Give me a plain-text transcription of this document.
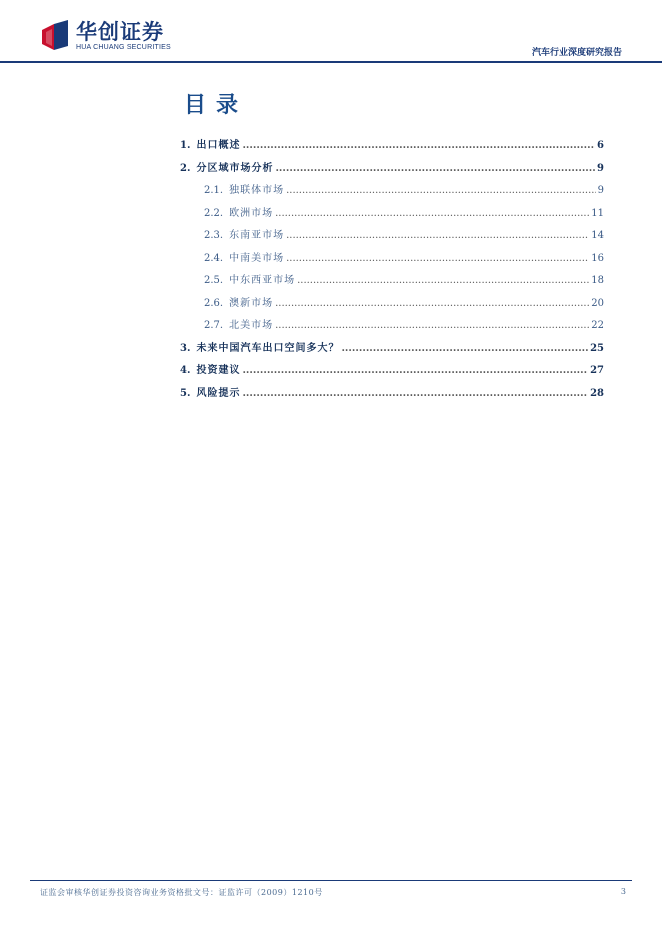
华创证券
HUA CHUANG SECURITIES
汽车行业深度研究报告
目录
1. 出口概述 .....	6
2. 分区域市场分析 .....	9
2.1. 独联体市场 .....	9
2.2. 欧洲市场 .....	11
2.3. 东南亚市场 .....	14
2.4. 中南美市场 .....	16
2.5. 中东西亚市场 .....	18
2.6. 澳新市场 .....	20
2.7. 北美市场 .....	22
3. 未来中国汽车出口空间多大？ .....	25
4. 投资建议 .....	27
5. 风险提示 .....	28
证监会审核华创证券投资咨询业务资格批文号：证监许可（2009）1210号	3
